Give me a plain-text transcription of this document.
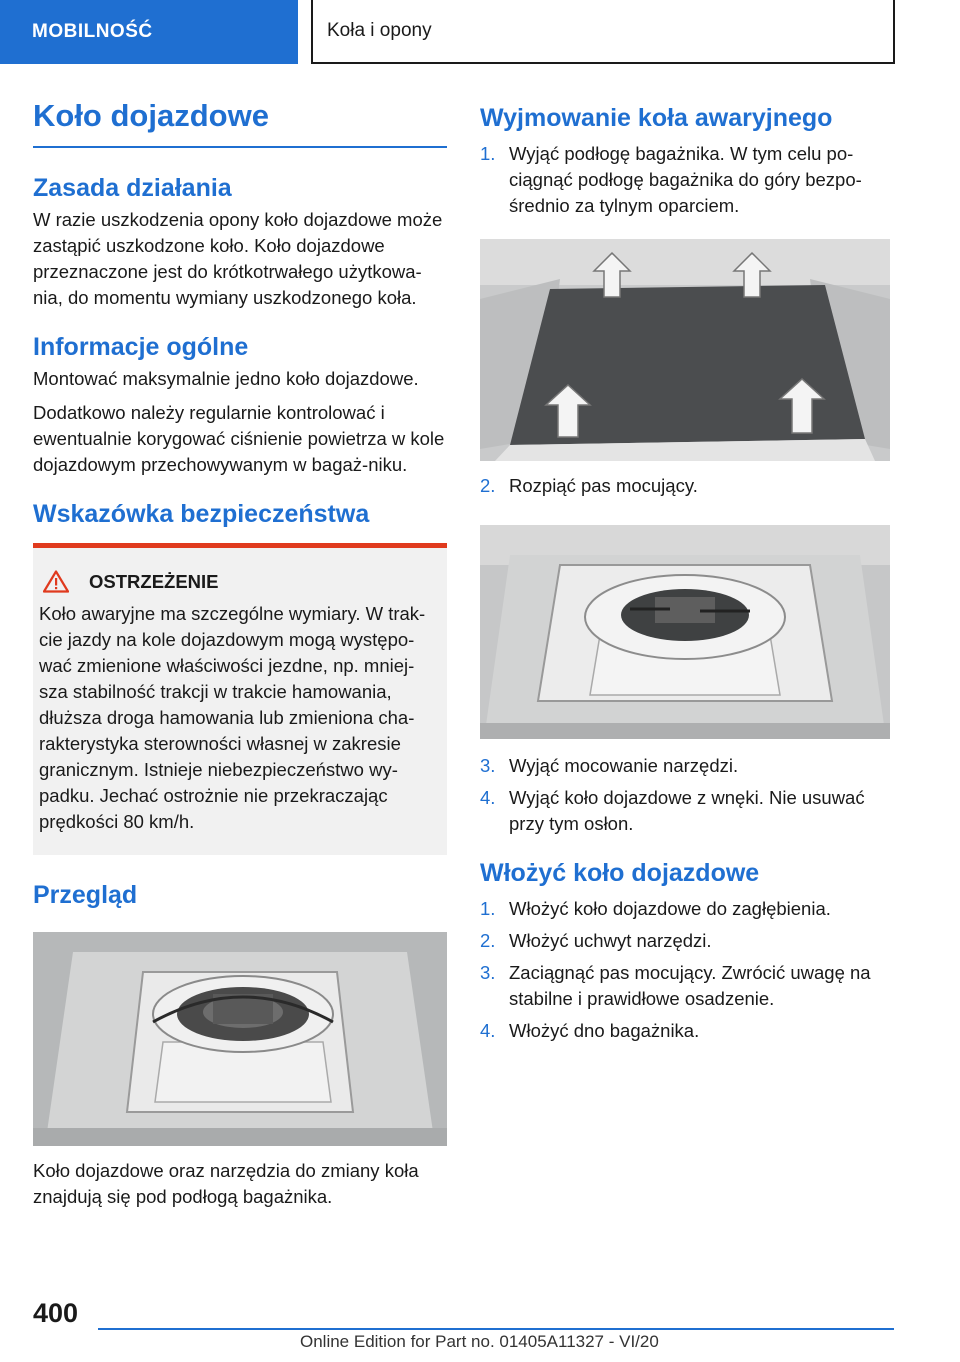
MOBILNOŚĆ	Koła i opony
Koło dojazdowe
Zasada działania

W razie uszkodzenia opony koło dojazdowe może zastąpić uszkodzone koło. Koło dojazdowe przeznaczone jest do krótkotrwałego użytkowa-nia, do momentu wymiany uszkodzonego koła.

Informacje ogólne

Montować maksymalnie jedno koło dojazdowe.

Dodatkowo należy regularnie kontrolować i ewentualnie korygować ciśnienie powietrza w kole dojazdowym przechowywanym w bagaż-niku.

Wskazówka bezpieczeństwa
OSTRZEŻENIE

Koło awaryjne ma szczególne wymiary. W trak-cie jazdy na kole dojazdowym mogą występo-wać zmienione właściwości jezdne, np. mniej-sza stabilność trakcji w trakcie hamowania, dłuższa droga hamowania lub zmieniona cha-rakterystyka sterowności własnej w zakresie granicznym. Istnieje niebezpieczeństwo wy-padku. Jechać ostrożnie nie przekraczając prędkości 80 km/h.

Przegląd

Koło dojazdowe oraz narzędzia do zmiany koła znajdują się pod podłogą bagażnika.

Wyjmowanie koła awaryjnego
1. Wyjąć podłogę bagażnika. W tym celu po-ciągnąć podłogę bagażnika do góry bezpo-średnio za tylnym oparciem.
2. Rozpiąć pas mocujący.
3. Wyjąć mocowanie narzędzi.
4. Wyjąć koło dojazdowe z wnęki. Nie usuwać przy tym osłon.
Włożyć koło dojazdowe
1. Włożyć koło dojazdowe do zagłębienia.
2. Włożyć uchwyt narzędzi.
3. Zaciągnąć pas mocujący. Zwrócić uwagę na stabilne i prawidłowe osadzenie.
4. Włożyć dno bagażnika.
400
Online Edition for Part no. 01405A11327 - VI/20
